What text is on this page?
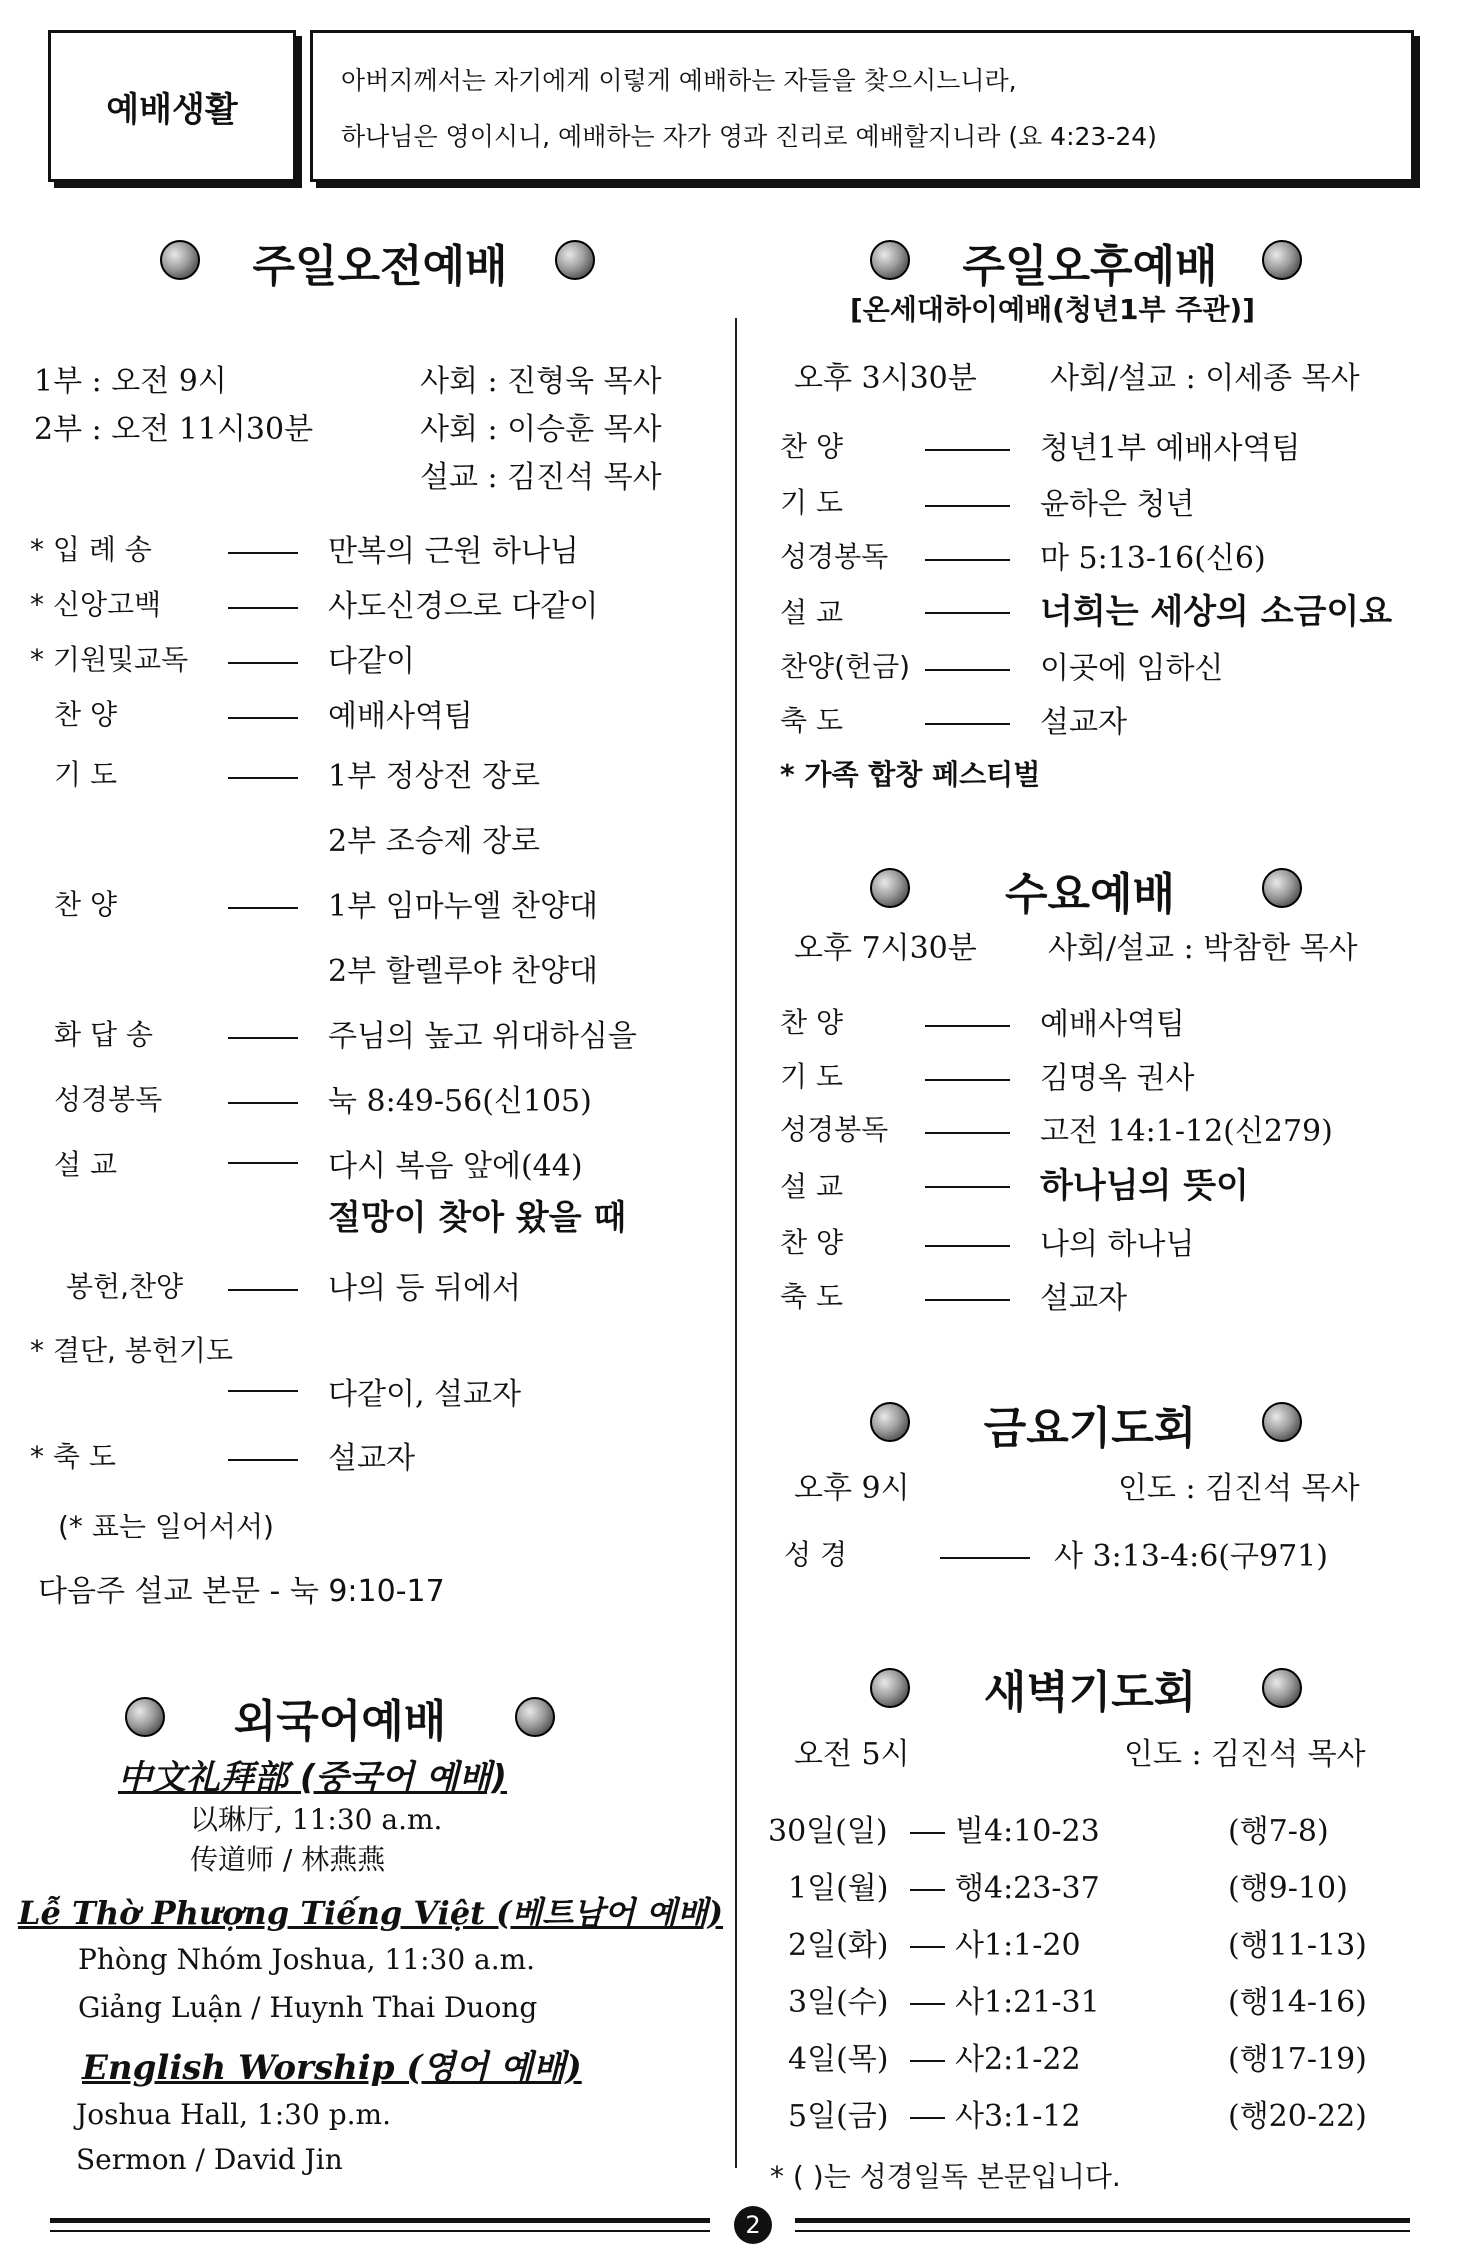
예배생활
아버지께서는 자기에게 이렇게 예배하는 자들을 찾으시느니라,
하나님은 영이시니, 예배하는 자가 영과 진리로 예배할지니라 (요 4:23-24)
주일오전예배
1부 : 오전 9시	사회 : 진형욱 목사
2부 : 오전 11시30분	사회 : 이승훈 목사
설교 : 김진석 목사
* 입 례 송	만복의 근원 하나님
* 신앙고백	사도신경으로 다같이
* 기원및교독	다같이
찬 양	예배사역팀
기 도	1부 정상전 장로
2부 조승제 장로
찬 양	1부 임마누엘 찬양대
2부 할렐루야 찬양대
화 답 송	주님의 높고 위대하심을
성경봉독	눅 8:49-56(신105)
설 교	다시 복음 앞에(44)
절망이 찾아 왔을 때
봉헌,찬양	나의 등 뒤에서
* 결단, 봉헌기도
다같이, 설교자
* 축 도	설교자
(* 표는 일어서서)
다음주 설교 본문 - 눅 9:10-17
외국어예배
中文礼拜部 (중국어 예배)
以琳厅, 11:30 a.m.
传道师 / 林燕燕
Lễ Thờ Phượng Tiếng Việt (베트남어 예배)
Phòng Nhóm Joshua, 11:30 a.m.
Giảng Luận / Huynh Thai Duong
English Worship (영어 예배)
Joshua Hall, 1:30 p.m.
Sermon / David Jin
주일오후예배
[온세대하이예배(청년1부 주관)]
오후 3시30분 사회/설교 : 이세종 목사
찬 양	청년1부 예배사역팀
기 도	윤하은 청년
성경봉독	마 5:13-16(신6)
설 교	너희는 세상의 소금이요
찬양(헌금)	이곳에 임하신
축 도	설교자
* 가족 합창 페스티벌
수요예배
오후 7시30분 사회/설교 : 박참한 목사
찬 양	예배사역팀
기 도	김명옥 권사
성경봉독	고전 14:1-12(신279)
설 교	하나님의 뜻이
찬 양	나의 하나님
축 도	설교자
금요기도회
오후 9시	인도 : 김진석 목사
성 경	사 3:13-4:6(구971)
새벽기도회
오전 5시	인도 : 김진석 목사
30일(일) 빌4:10-23	(행7-8)
1일(월) 행4:23-37	(행9-10)
2일(화) 사1:1-20	(행11-13)
3일(수) 사1:21-31	(행14-16)
4일(목) 사2:1-22	(행17-19)
5일(금) 사3:1-12	(행20-22)
* ( )는 성경일독 본문입니다.
2
